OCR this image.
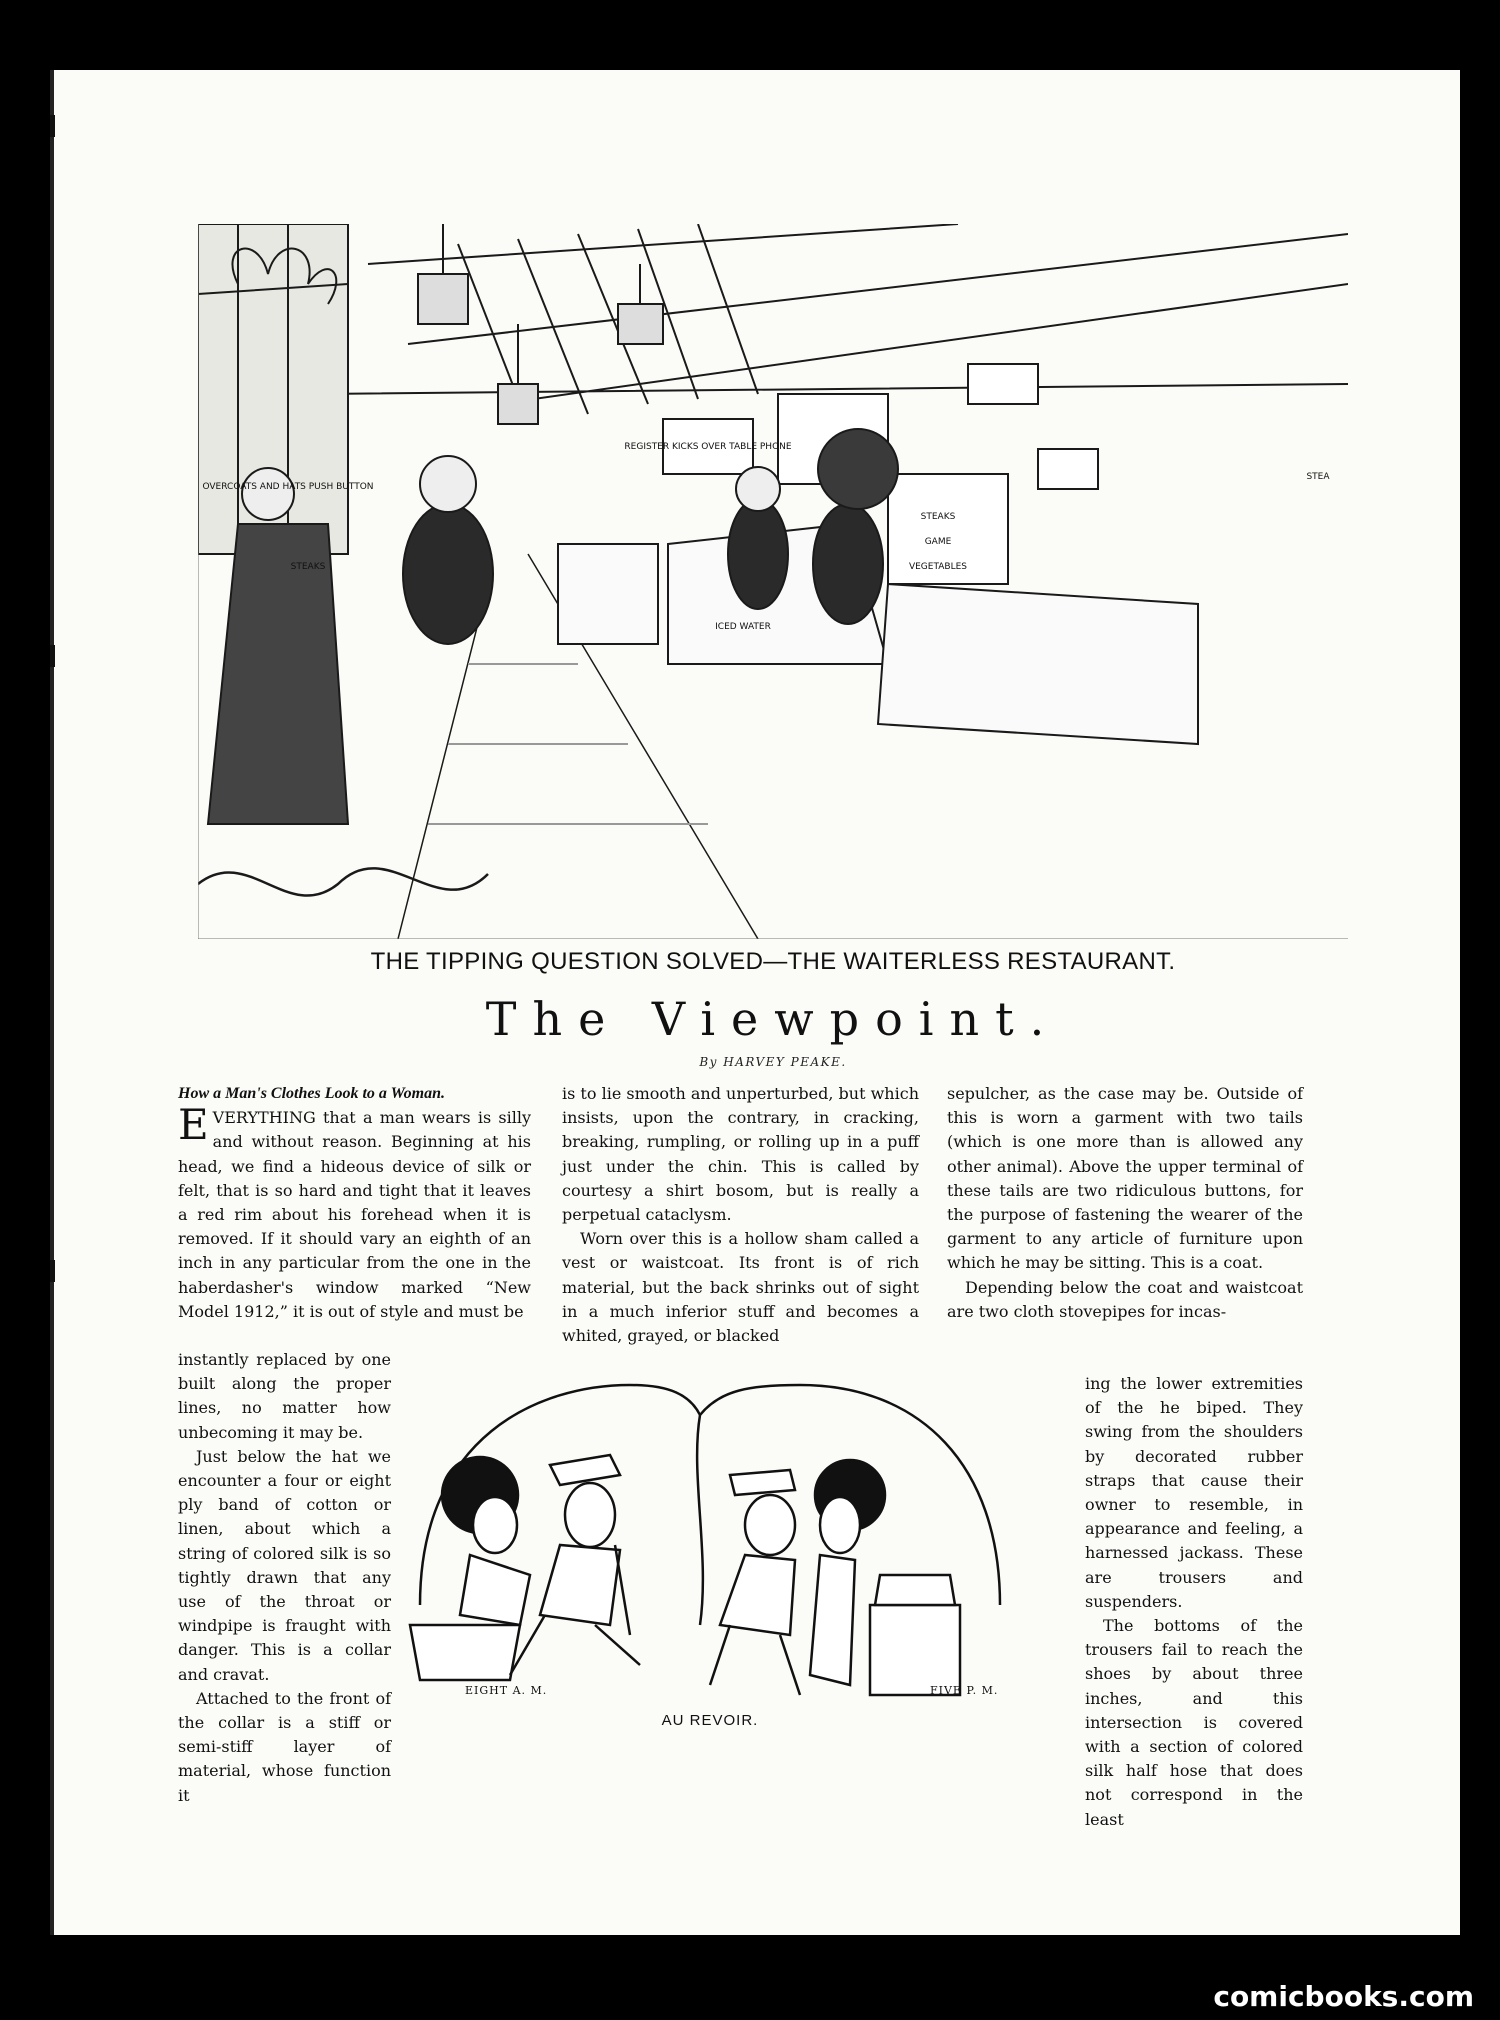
OVERCOATS AND HATS PUSH BUTTON
STEAKS
REGISTER KICKS OVER TABLE PHONE
STEAKS
GAME
VEGETABLES
ICED WATER
STEA
THE TIPPING QUESTION SOLVED—THE WAITERLESS RESTAURANT.
The Viewpoint.
By HARVEY PEAKE.
How a Man's Clothes Look to a Woman.

EVERYTHING that a man wears is silly and without reason. Beginning at his head, we find a hideous device of silk or felt, that is so hard and tight that it leaves a red rim about his forehead when it is removed. If it should vary an eighth of an inch in any particular from the one in the haberdasher's window marked “New Model 1912,” it is out of style and must be

instantly replaced by one built along the proper lines, no matter how unbecoming it may be.

Just below the hat we encounter a four or eight ply band of cotton or linen, about which a string of colored silk is so tightly drawn that any use of the throat or windpipe is fraught with danger. This is a collar and cravat.

Attached to the front of the collar is a stiff or semi-stiff layer of material, whose function it

is to lie smooth and unperturbed, but which insists, upon the contrary, in cracking, breaking, rumpling, or rolling up in a puff just under the chin. This is called by courtesy a shirt bosom, but is really a perpetual cataclysm.

Worn over this is a hollow sham called a vest or waistcoat. Its front is of rich material, but the back shrinks out of sight in a much inferior stuff and becomes a whited, grayed, or blacked

sepulcher, as the case may be. Outside of this is worn a garment with two tails (which is one more than is allowed any other animal). Above the upper terminal of these tails are two ridiculous buttons, for the purpose of fastening the wearer of the garment to any article of furniture upon which he may be sitting. This is a coat.

Depending below the coat and waistcoat are two cloth stovepipes for incas-

ing the lower extremities of the he biped. They swing from the shoulders by decorated rubber straps that cause their owner to resemble, in appearance and feeling, a harnessed jackass. These are trousers and suspenders.

The bottoms of the trousers fail to reach the shoes by about three inches, and this intersection is covered with a section of colored silk half hose that does not correspond in the least

EIGHT A. M.	FIVE P. M.
AU REVOIR.
comicbooks.com
